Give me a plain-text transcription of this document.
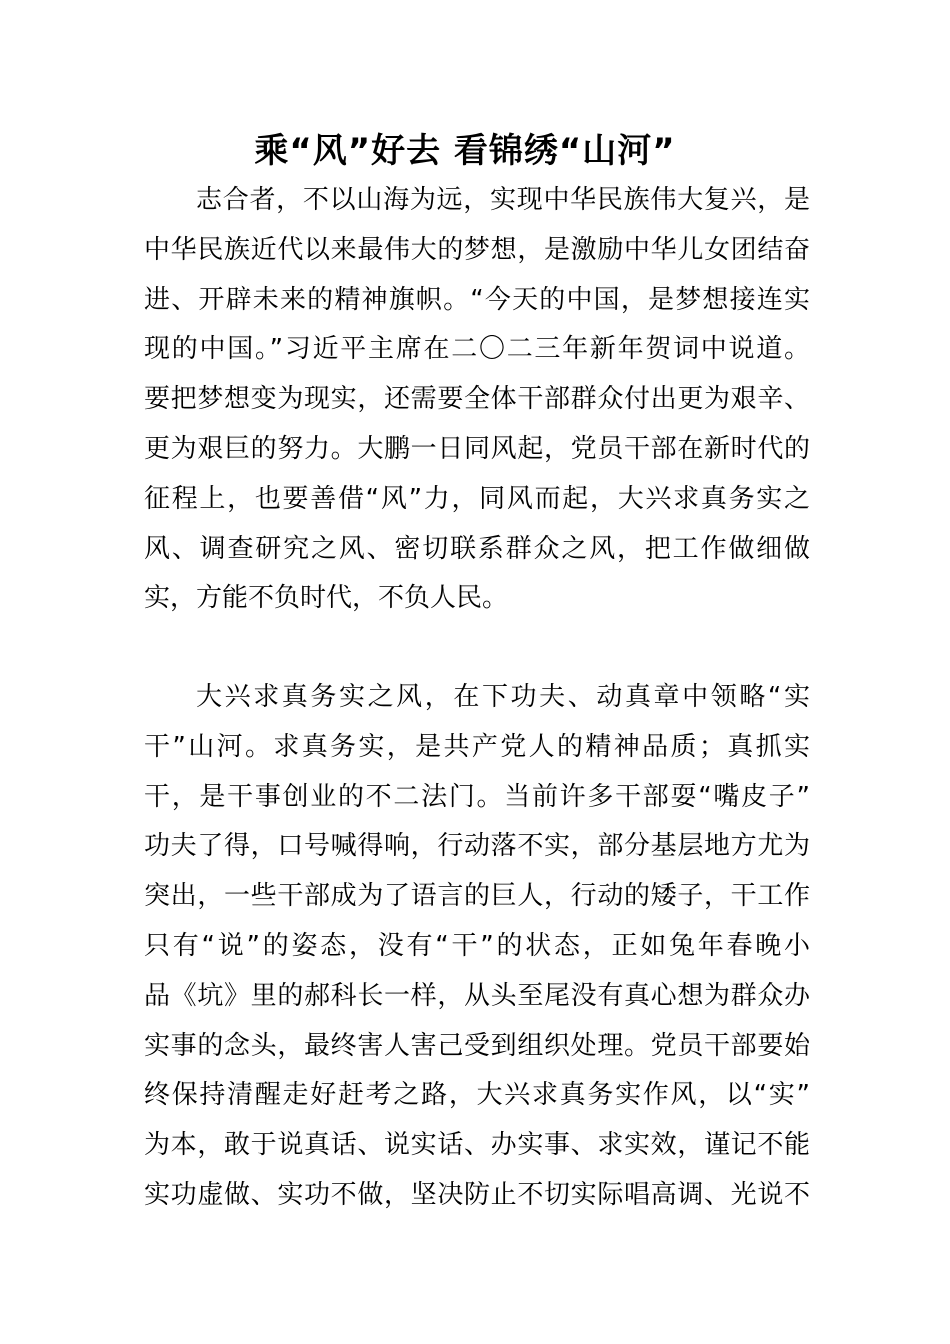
乘“风”好去 看锦绣“山河”
志合者，不以山海为远，实现中华民族伟大复兴，是
中华民族近代以来最伟大的梦想，是激励中华儿女团结奋
进、开辟未来的精神旗帜。“今天的中国，是梦想接连实
现的中国。”习近平主席在二〇二三年新年贺词中说道。
要把梦想变为现实，还需要全体干部群众付出更为艰辛、
更为艰巨的努力。大鹏一日同风起，党员干部在新时代的
征程上，也要善借“风”力，同风而起，大兴求真务实之
风、调查研究之风、密切联系群众之风，把工作做细做
实，方能不负时代，不负人民。
大兴求真务实之风，在下功夫、动真章中领略“实
干”山河。求真务实，是共产党人的精神品质；真抓实
干，是干事创业的不二法门。当前许多干部耍“嘴皮子”
功夫了得，口号喊得响，行动落不实，部分基层地方尤为
突出，一些干部成为了语言的巨人，行动的矮子，干工作
只有“说”的姿态，没有“干”的状态，正如兔年春晚小
品《坑》里的郝科长一样，从头至尾没有真心想为群众办
实事的念头，最终害人害己受到组织处理。党员干部要始
终保持清醒走好赶考之路，大兴求真务实作风，以“实”
为本，敢于说真话、说实话、办实事、求实效，谨记不能
实功虚做、实功不做，坚决防止不切实际唱高调、光说不
